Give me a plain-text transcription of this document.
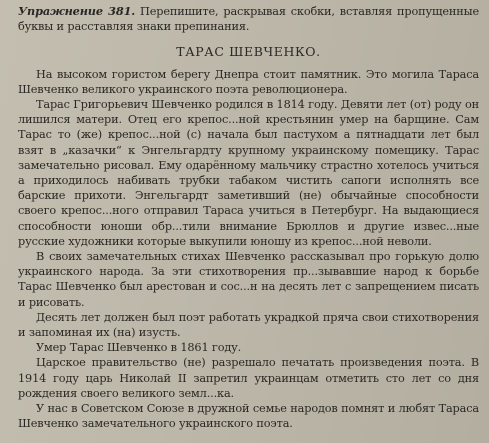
Упражнение 381. Перепишите, раскрывая скобки, вставляя пропущенные буквы и расставляя знаки препинания.

ТАРАС ШЕВЧЕНКО.

На высоком гористом берегу Днепра стоит памятник. Это могила Тараса Шевченко великого украинского поэта революционера.

Тарас Григорьевич Шевченко родился в 1814 году. Девяти лет (от) роду он лишился матери. Отец его крепос...ной крестьянин умер на барщине. Сам Тарас то (же) крепос...ной (с) начала был пастухом а пятнадцати лет был взят в „казачки“ к Энгельгардту крупному украинскому помещику. Тарас замечательно рисовал. Ему одарённому мальчику страстно хотелось учиться а приходилось набивать трубки табаком чистить сапоги исполнять все барские прихоти. Энгельгардт заметивший (не) обычайные способности своего крепос...ного отправил Тараса учиться в Петербург. На выдающиеся способности юноши обр...тили внимание Брюллов и другие извес...ные русские художники которые выкупили юношу из крепос...ной неволи.

В своих замечательных стихах Шевченко рассказывал про горькую долю украинского народа. За эти стихотворения пр...зывавшие народ к борьбе Тарас Шевченко был арестован и сос...н на десять лет с запрещением писать и рисовать.

Десять лет должен был поэт работать украдкой пряча свои стихотворения и запоминая их (на) изусть.

Умер Тарас Шевченко в 1861 году.

Царское правительство (не) разрешало печатать произведения поэта. В 1914 году царь Николай II запретил украинцам отметить сто лет со дня рождения своего великого земл...ка.

У нас в Советском Союзе в дружной семье народов помнят и любят Тараса Шевченко замечательного украинского поэта.
